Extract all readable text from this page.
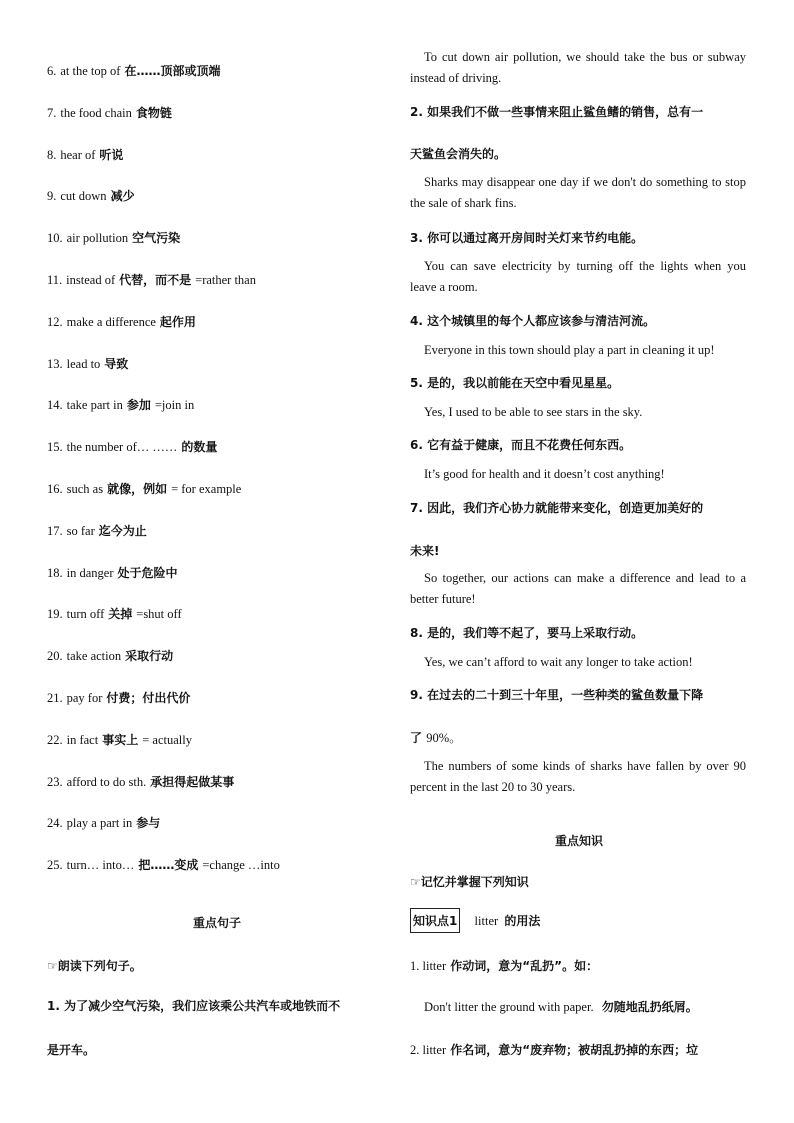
6. at the top of 在……顶部或顶端
7. the food chain 食物链
8. hear of 听说
9. cut down 减少
10. air pollution 空气污染
11. instead of 代替，而不是 =rather than
12. make a difference 起作用
13. lead to 导致
14. take part in 参加 =join in
15. the number of… …… 的数量
16. such as 就像，例如 = for example
17. so far 迄今为止
18. in danger 处于危险中
19. turn off 关掉 =shut off
20. take action 采取行动
21. pay for 付费；付出代价
22. in fact 事实上 = actually
23. afford to do sth. 承担得起做某事
24. play a part in 参与
25. turn… into… 把……变成 =change …into
重点句子
☞朗读下列句子。
1. 为了减少空气污染，我们应该乘公共汽车或地铁而不
是开车。
To cut down air pollution, we should take the bus or subway instead of driving.
2. 如果我们不做一些事情来阻止鲨鱼鳍的销售，总有一
天鲨鱼会消失的。
Sharks may disappear one day if we don't do something to stop the sale of shark fins.
3. 你可以通过离开房间时关灯来节约电能。
You can save electricity by turning off the lights when you leave a room.
4. 这个城镇里的每个人都应该参与清洁河流。
Everyone in this town should play a part in cleaning it up!
5. 是的，我以前能在天空中看见星星。
Yes, I used to be able to see stars in the sky.
6. 它有益于健康，而且不花费任何东西。
It’s good for health and it doesn’t cost anything!
7. 因此，我们齐心协力就能带来变化，创造更加美好的
未来!
So together, our actions can make a difference and lead to a better future!
8. 是的，我们等不起了，要马上采取行动。
Yes, we can’t afford to wait any longer to take action!
9. 在过去的二十到三十年里，一些种类的鲨鱼数量下降
了 90%。
The numbers of some kinds of sharks have fallen by over 90 percent in the last 20 to 30 years.
重点知识
☞记忆并掌握下列知识
知识点1 litter 的用法
1. litter 作动词，意为“乱扔”。如：
Don't litter the ground with paper. 勿随地乱扔纸屑。
2. litter 作名词，意为“废弃物；被胡乱扔掉的东西；垃
